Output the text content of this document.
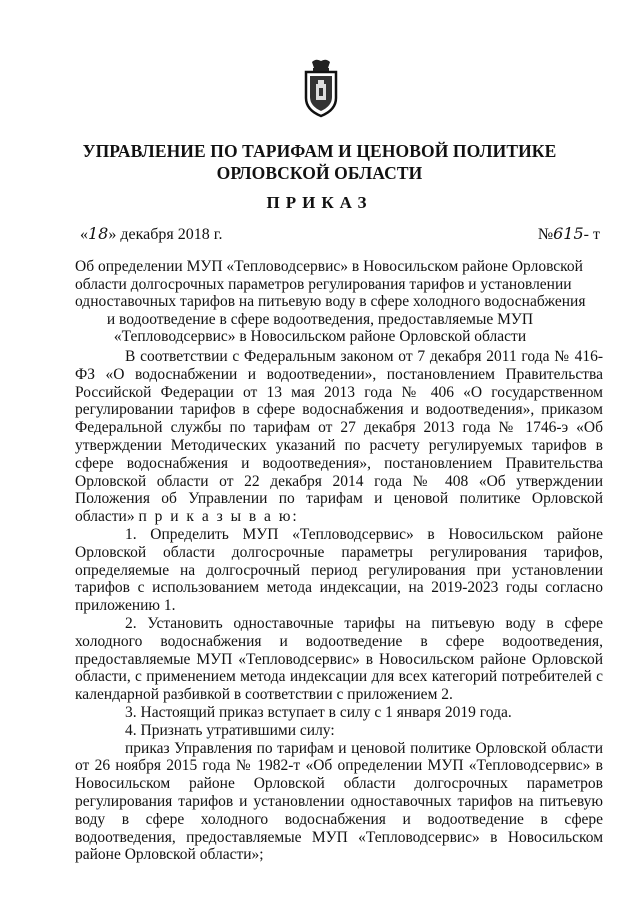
УПРАВЛЕНИЕ ПО ТАРИФАМ И ЦЕНОВОЙ ПОЛИТИКЕ
ОРЛОВСКОЙ ОБЛАСТИ
ПРИКАЗ
«18» декабря 2018 г.	№615- т
Об определении МУП «Тепловодсервис» в Новосильском районе Орловской
области долгосрочных параметров регулирования тарифов и установлении
одноставочных тарифов на питьевую воду в сфере холодного водоснабжения
и водоотведение в сфере водоотведения, предоставляемые МУП
«Тепловодсервис» в Новосильском районе Орловской области

В соответствии с Федеральным законом от 7 декабря 2011 года № 416-ФЗ «О водоснабжении и водоотведении», постановлением Правительства Российской Федерации от 13 мая 2013 года № 406 «О государственном регулировании тарифов в сфере водоснабжения и водоотведения», приказом Федеральной службы по тарифам от 27 декабря 2013 года № 1746-э «Об утверждении Методических указаний по расчету регулируемых тарифов в сфере водоснабжения и водоотведения», постановлением Правительства Орловской области от 22 декабря 2014 года № 408 «Об утверждении Положения об Управлении по тарифам и ценовой политике Орловской области» п р и к а з ы в а ю:

1. Определить МУП «Тепловодсервис» в Новосильском районе Орловской области долгосрочные параметры регулирования тарифов, определяемые на долгосрочный период регулирования при установлении тарифов с использованием метода индексации, на 2019-2023 годы согласно приложению 1.

2. Установить одноставочные тарифы на питьевую воду в сфере холодного водоснабжения и водоотведение в сфере водоотведения, предоставляемые МУП «Тепловодсервис» в Новосильском районе Орловской области, с применением метода индексации для всех категорий потребителей с календарной разбивкой в соответствии с приложением 2.

3. Настоящий приказ вступает в силу с 1 января 2019 года.

4. Признать утратившими силу:

приказ Управления по тарифам и ценовой политике Орловской области от 26 ноября 2015 года № 1982-т «Об определении МУП «Тепловодсервис» в Новосильском районе Орловской области долгосрочных параметров регулирования тарифов и установлении одноставочных тарифов на питьевую воду в сфере холодного водоснабжения и водоотведение в сфере водоотведения, предоставляемые МУП «Тепловодсервис» в Новосильском районе Орловской области»;
